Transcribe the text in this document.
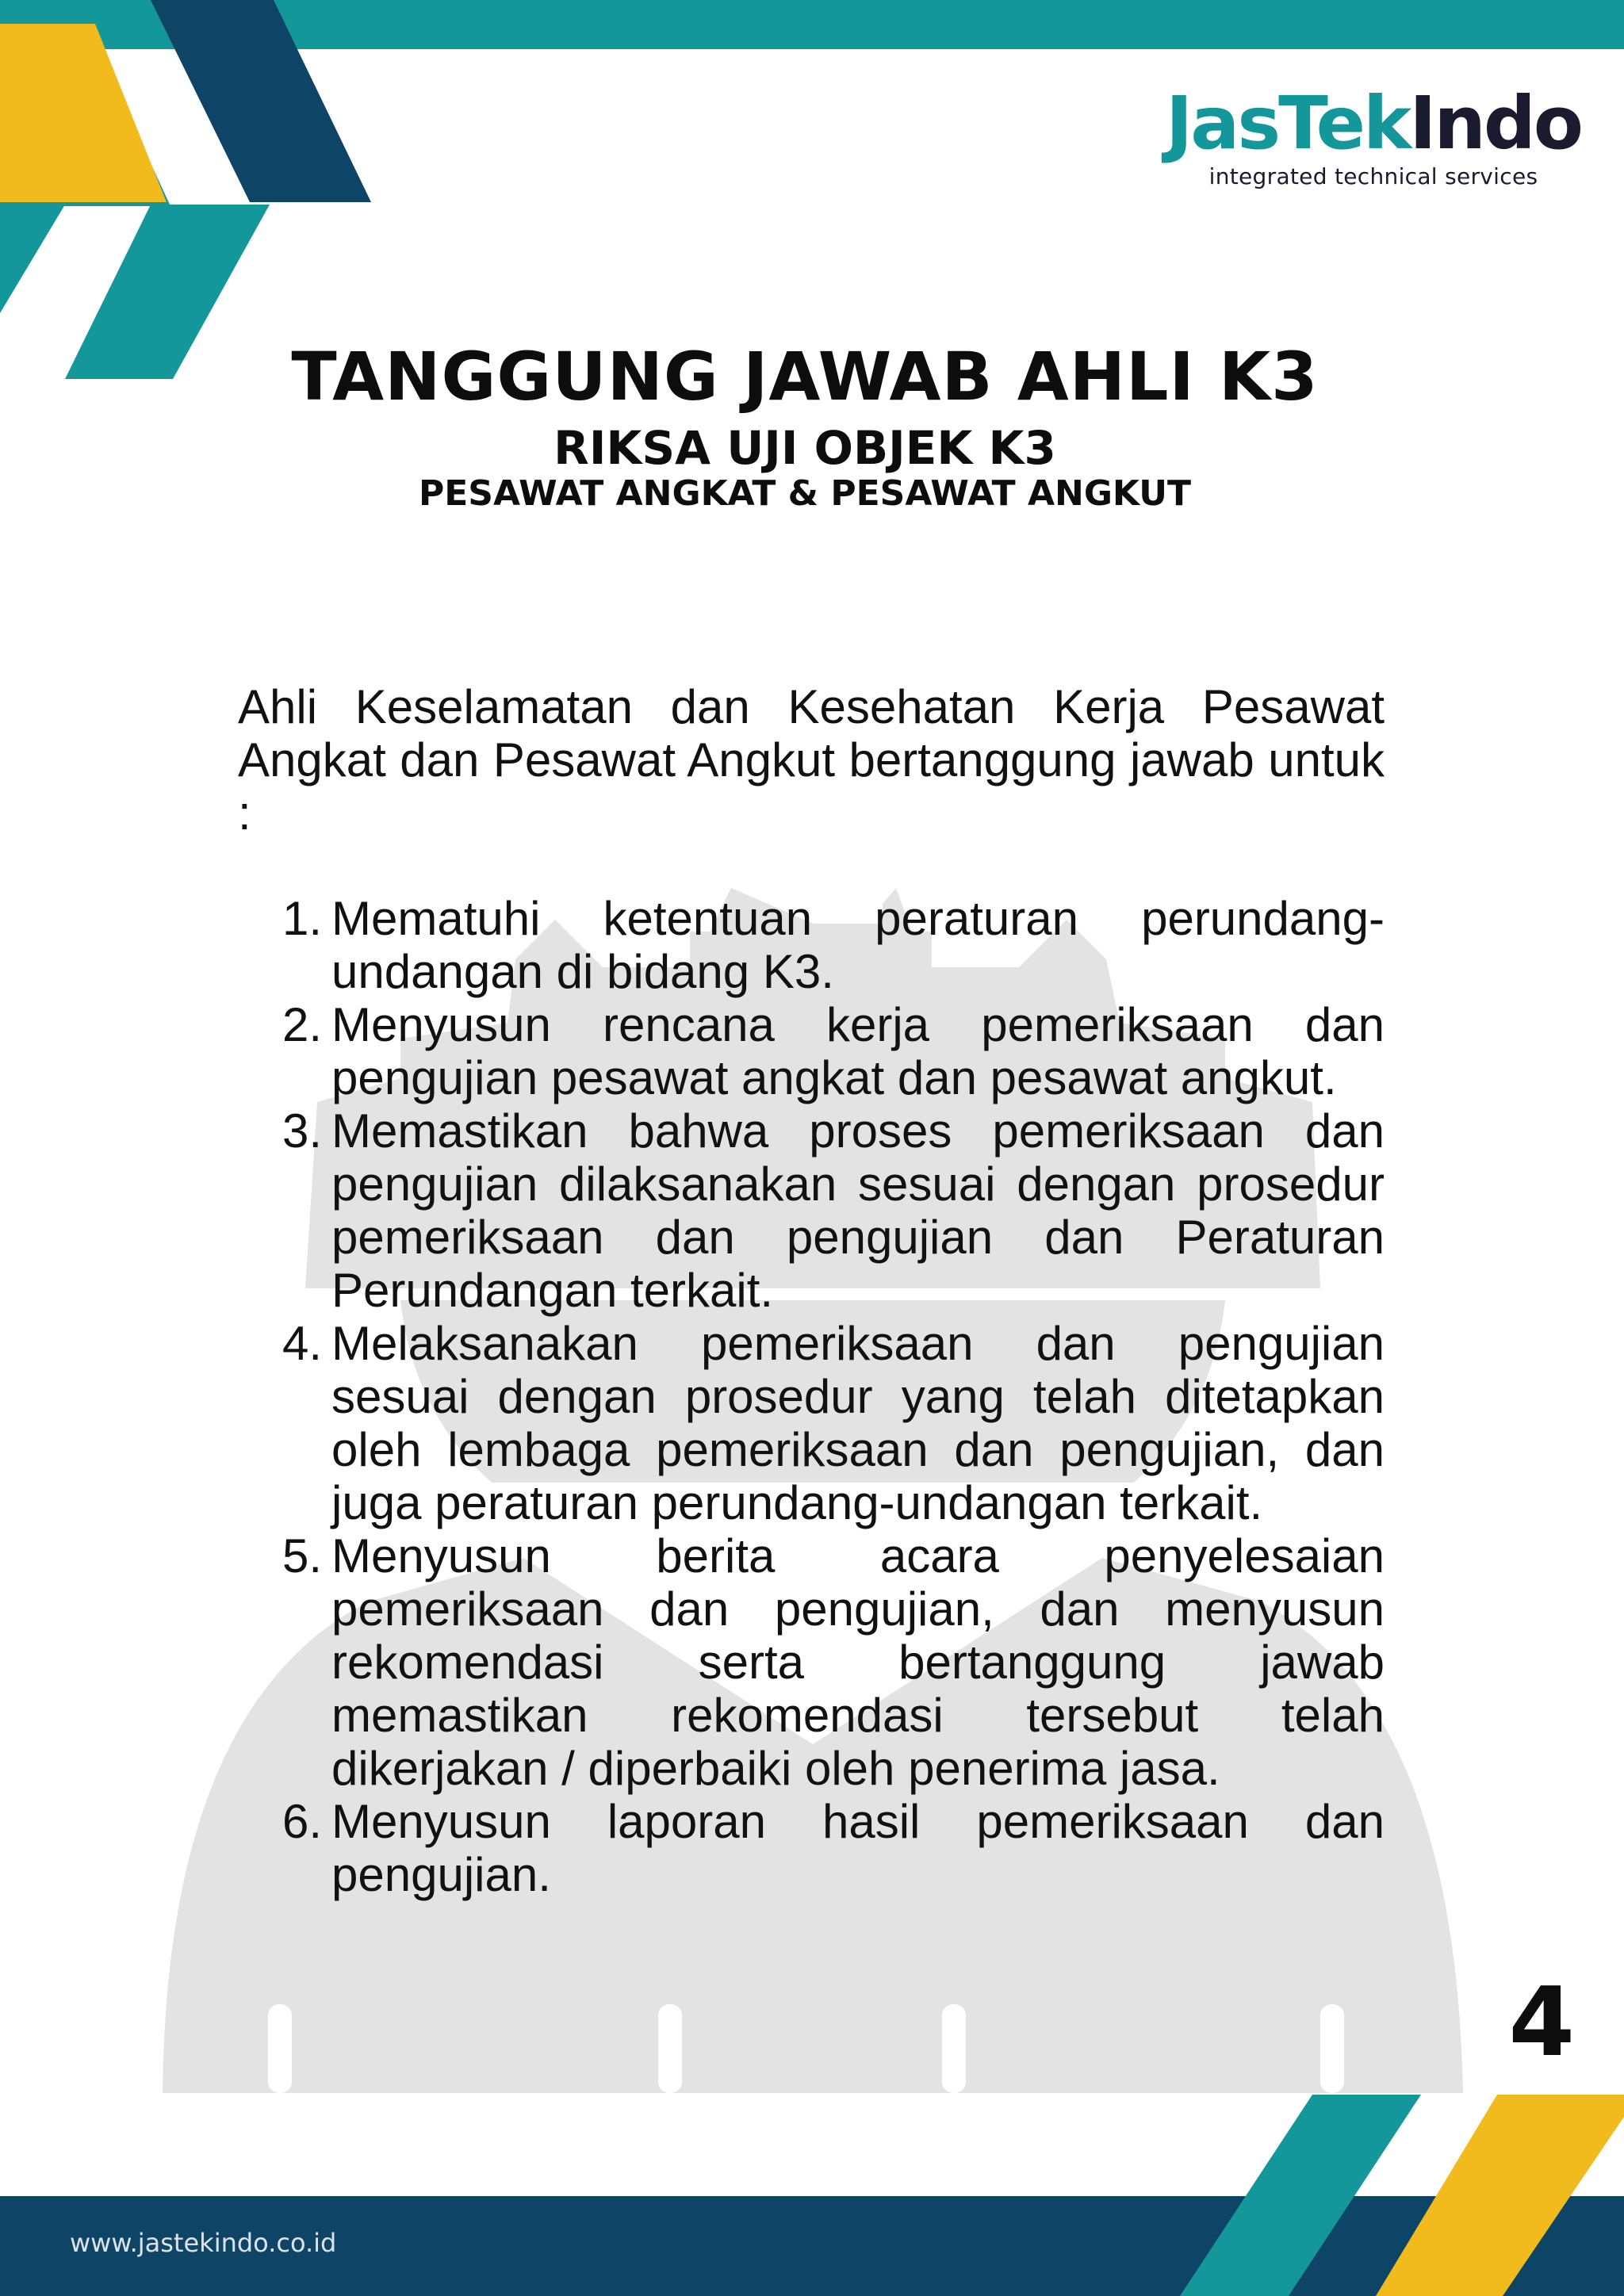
JasTekIndo
integrated technical services
TANGGUNG JAWAB AHLI K3
RIKSA UJI OBJEK K3
PESAWAT ANGKAT & PESAWAT ANGKUT

Ahli Keselamatan dan Kesehatan Kerja Pesawat Angkat dan Pesawat Angkut bertanggung jawab untuk :

1. Mematuhi ketentuan peraturan perundang-undangan di bidang K3.
2. Menyusun rencana kerja pemeriksaan dan pengujian pesawat angkat dan pesawat angkut.
3. Memastikan bahwa proses pemeriksaan dan pengujian dilaksanakan sesuai dengan prosedur pemeriksaan dan pengujian dan Peraturan Perundangan terkait.
4. Melaksanakan pemeriksaan dan pengujian sesuai dengan prosedur yang telah ditetapkan oleh lembaga pemeriksaan dan pengujian, dan juga peraturan perundang-undangan terkait.
5. Menyusun berita acara penyelesaian pemeriksaan dan pengujian, dan menyusun rekomendasi serta bertanggung jawab memastikan rekomendasi tersebut telah dikerjakan / diperbaiki oleh penerima jasa.
6. Menyusun laporan hasil pemeriksaan dan pengujian.
4
www.jastekindo.co.id
